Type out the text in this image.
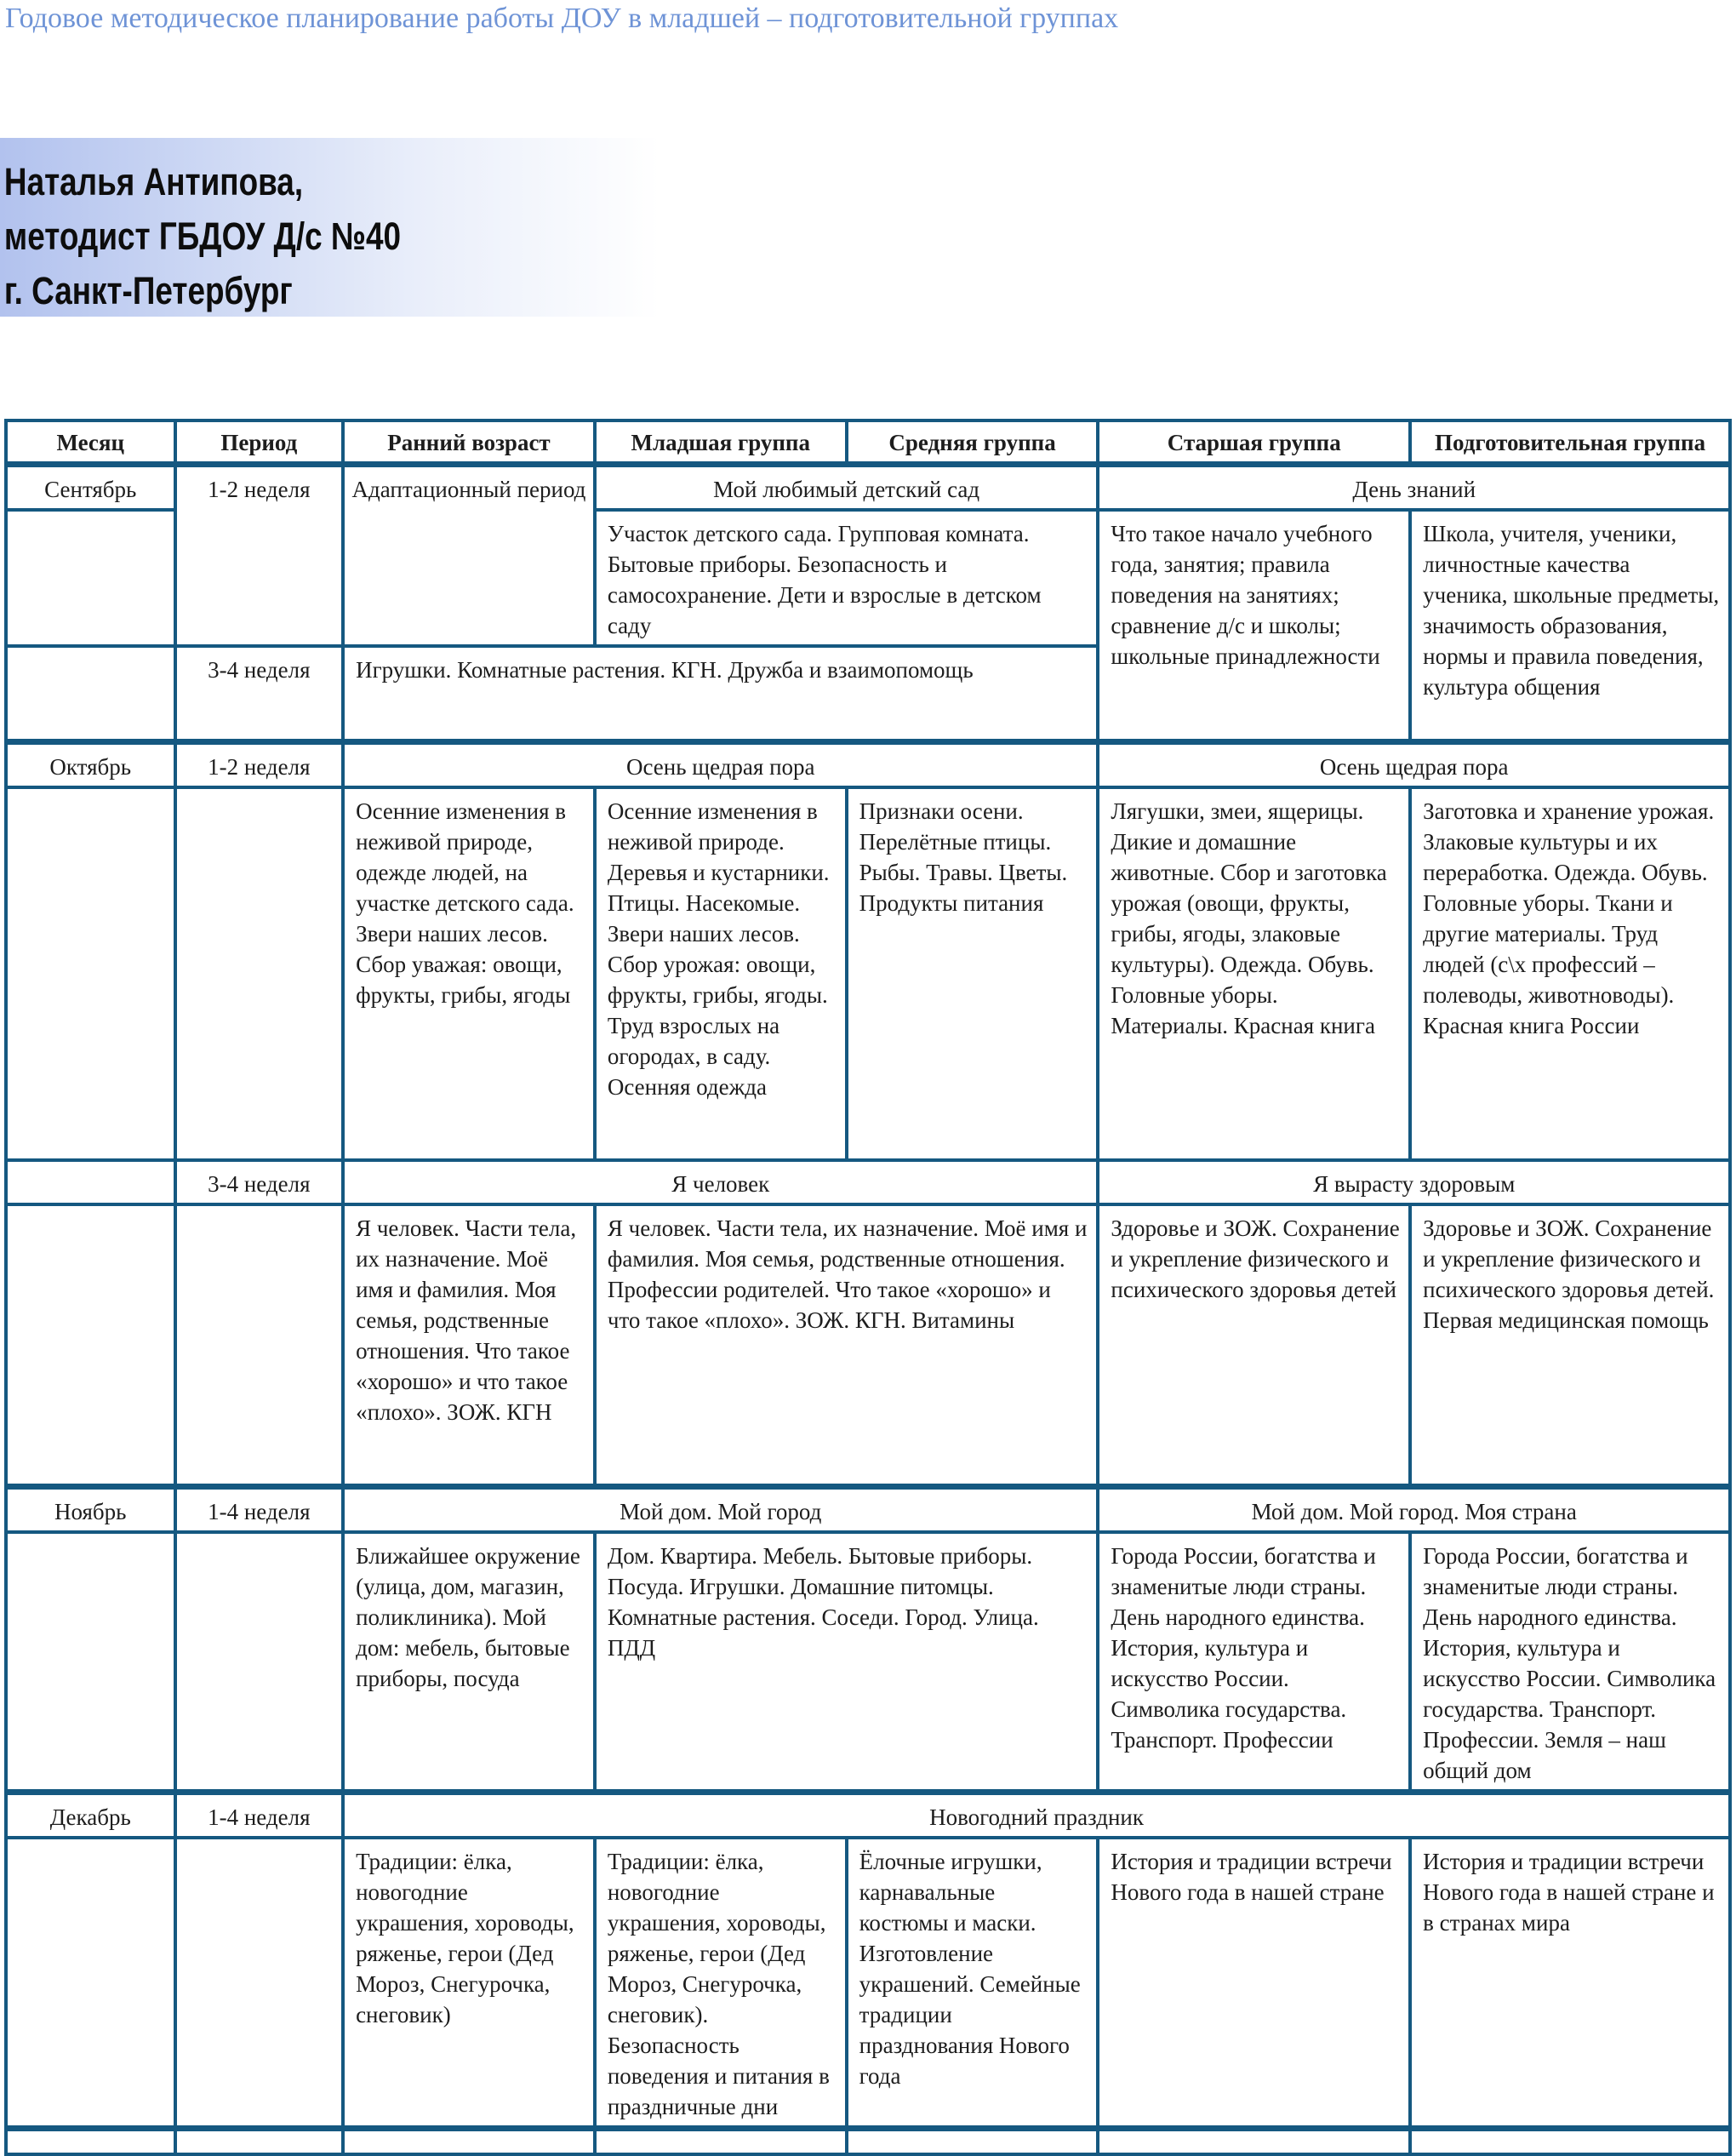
Годовое методическое планирование работы ДОУ в младшей – подготовительной группах
Наталья Антипова,
методист ГБДОУ Д/с №40
г. Санкт-Петербург
Месяц	Период	Ранний возраст	Младшая группа	Средняя группа	Старшая группа	Подготовительная группа
Сентябрь	1-2 неделя	Адаптационный период	Мой любимый детский сад		День знаний	
			Участок детского сада. Групповая комната. Бытовые приборы. Безопасность и самосохранение. Дети и взрослые в детском саду		Что такое начало учебного года, занятия; правила поведения на занятиях; сравнение д/с и школы; школьные принадлежности	Школа, учителя, ученики, личностные качества ученика, школьные предметы, значимость образования, нормы и правила поведения, культура общения
	3-4 неделя	Игрушки. Комнатные растения. КГН. Дружба и взаимопомощь				
Октябрь	1-2 неделя	Осень щедрая пора			Осень щедрая пора	
		Осенние изменения в неживой природе, одежде людей, на участке детского сада. Звери наших лесов. Сбор уважая: овощи, фрукты, грибы, ягоды	Осенние изменения в неживой природе. Деревья и кустарники. Птицы. Насекомые. Звери наших лесов. Сбор урожая: овощи, фрукты, грибы, ягоды. Труд взрослых на огородах, в саду. Осенняя одежда	Признаки осени. Перелётные птицы. Рыбы. Травы. Цветы. Продукты питания	Лягушки, змеи, ящерицы. Дикие и домашние животные. Сбор и заготовка урожая (овощи, фрукты, грибы, ягоды, злаковые культуры). Одежда. Обувь. Головные уборы. Материалы. Красная книга	Заготовка и хранение урожая. Злаковые культуры и их переработка. Одежда. Обувь. Головные уборы. Ткани и другие материалы. Труд людей (с\х профессий – полеводы, животноводы). Красная книга России
	3-4 неделя	Я человек			Я вырасту здоровым	
		Я человек. Части тела, их назначение. Моё имя и фамилия. Моя семья, родственные отношения. Что такое «хорошо» и что такое «плохо». ЗОЖ. КГН	Я человек. Части тела, их назначение. Моё имя и фамилия. Моя семья, родственные отношения. Профессии родителей. Что такое «хорошо» и что такое «плохо». ЗОЖ. КГН. Витамины		Здоровье и ЗОЖ. Сохранение и укрепление физического и психического здоровья детей	Здоровье и ЗОЖ. Сохранение и укрепление физического и психического здоровья детей. Первая медицинская помощь
Ноябрь	1-4 неделя	Мой дом. Мой город			Мой дом. Мой город. Моя страна	
		Ближайшее окружение (улица, дом, магазин, поликлиника). Мой дом: мебель, бытовые приборы, посуда	Дом. Квартира. Мебель. Бытовые приборы. Посуда. Игрушки. Домашние питомцы. Комнатные растения. Соседи. Город. Улица. ПДД		Города России, богатства и знаменитые люди страны. День народного единства. История, культура и искусство России. Символика государства. Транспорт. Профессии	Города России, богатства и знаменитые люди страны. День народного единства. История, культура и искусство России. Символика государства. Транспорт. Профессии. Земля – наш общий дом
Декабрь	1-4 неделя	Новогодний праздник				
		Традиции: ёлка, новогодние украшения, хороводы, ряженье, герои (Дед Мороз, Снегурочка, снеговик)	Традиции: ёлка, новогодние украшения, хороводы, ряженье, герои (Дед Мороз, Снегурочка, снеговик). Безопасность поведения и питания в праздничные дни	Ёлочные игрушки, карнавальные костюмы и маски. Изготовление украшений. Семейные традиции празднования Нового года	История и традиции встречи Нового года в нашей стране	История и традиции встречи Нового года в нашей стране и в странах мира
